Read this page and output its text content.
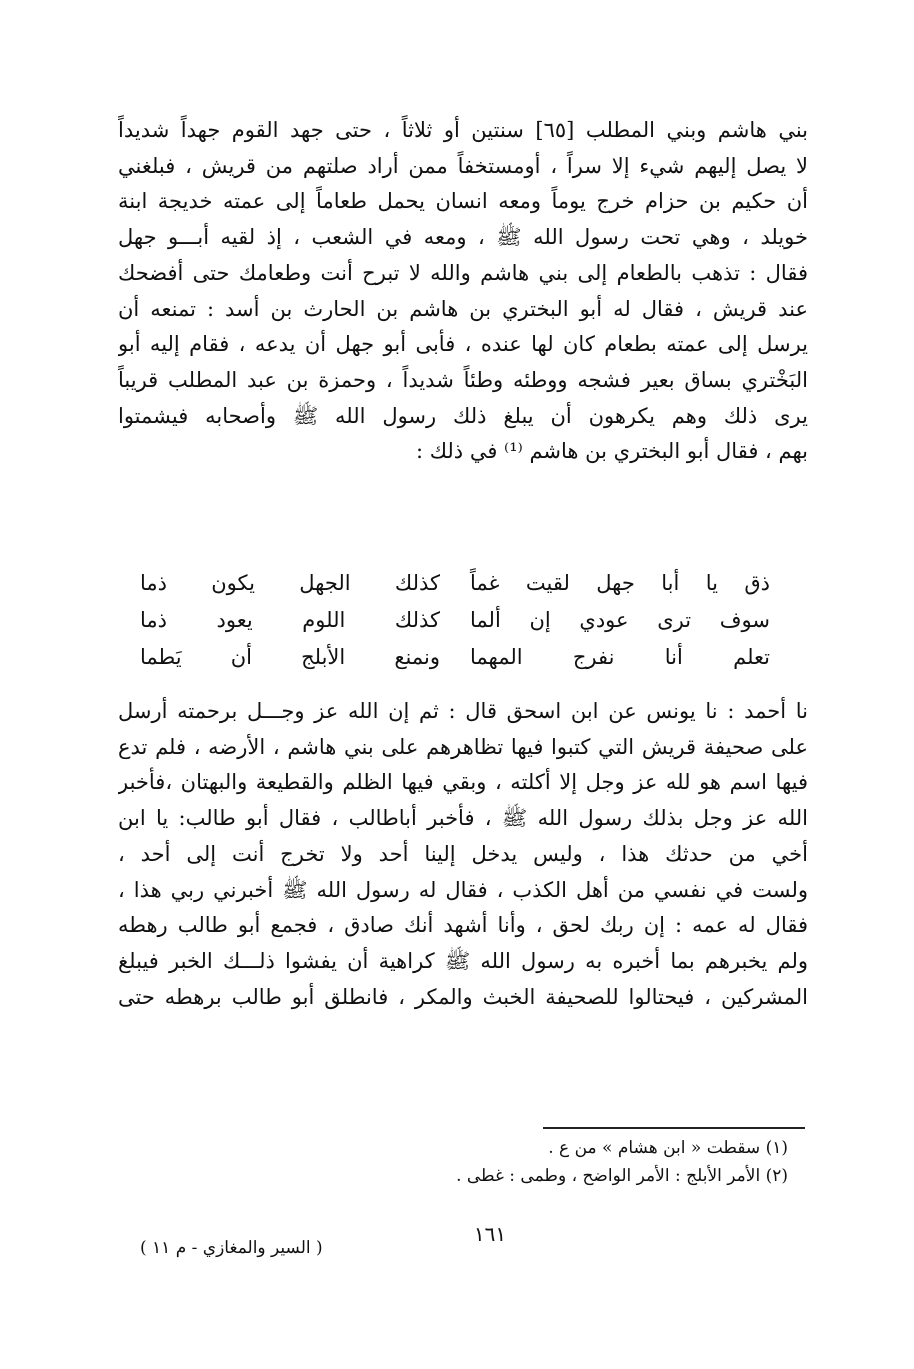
بني هاشم وبني المطلب [٦٥] سنتين أو ثلاثاً ، حتى جهد القوم جهداً شديداً
لا يصل إليهم شيء إلا سراً ، أومستخفاً ممن أراد صلتهم من قريش ، فبلغني
أن حكيم بن حزام خرج يوماً ومعه انسان يحمل طعاماً إلى عمته خديجة ابنة
خويلد ، وهي تحت رسول الله ﷺ ، ومعه في الشعب ، إذ لقيه أبـــو جهل
فقال : تذهب بالطعام إلى بني هاشم والله لا تبرح أنت وطعامك حتى أفضحك
عند قريش ، فقال له أبو البختري بن هاشم بن الحارث بن أسد : تمنعه أن
يرسل إلى عمته بطعام كان لها عنده ، فأبى أبو جهل أن يدعه ، فقام إليه أبو
البَخْتري بساق بعير فشجه ووطئه وطئاً شديداً ، وحمزة بن عبد المطلب قريباً
يرى ذلك وهم يكرهون أن يبلغ ذلك رسول الله ﷺ وأصحابه فيشمتوا
بهم ، فقال أبو البختري بن هاشم ⁽¹⁾ في ذلك :
ذق يا أبا جهل لقيت غماً
كذلك الجهل يكون ذما
سوف ترى عودي إن ألما
كذلك اللوم يعود ذما
تعلم أنا نفرج المهما
ونمنع الأبلج أن يَطما
نا أحمد : نا يونس عن ابن اسحق قال : ثم إن الله عز وجـــل برحمته أرسل
على صحيفة قريش التي كتبوا فيها تظاهرهم على بني هاشم ، الأرضه ، فلم تدع
فيها اسم هو لله عز وجل إلا أكلته ، وبقي فيها الظلم والقطيعة والبهتان ،فأخبر
الله عز وجل بذلك رسول الله ﷺ ، فأخبر أباطالب ، فقال أبو طالب: يا ابن
أخي من حدثك هذا ، وليس يدخل إلينا أحد ولا تخرج أنت إلى أحد ،
ولست في نفسي من أهل الكذب ، فقال له رسول الله ﷺ أخبرني ربي هذا ،
فقال له عمه : إن ربك لحق ، وأنا أشهد أنك صادق ، فجمع أبو طالب رهطه
ولم يخبرهم بما أخبره به رسول الله ﷺ كراهية أن يفشوا ذلـــك الخبر فيبلغ
المشركين ، فيحتالوا للصحيفة الخبث والمكر ، فانطلق أبو طالب برهطه حتى
(١) سقطت « ابن هشام » من ع .
(٢) الأمر الأبلج : الأمر الواضح ، وطمى : غطى .
١٦١
( السير والمغازي - م ١١ )
